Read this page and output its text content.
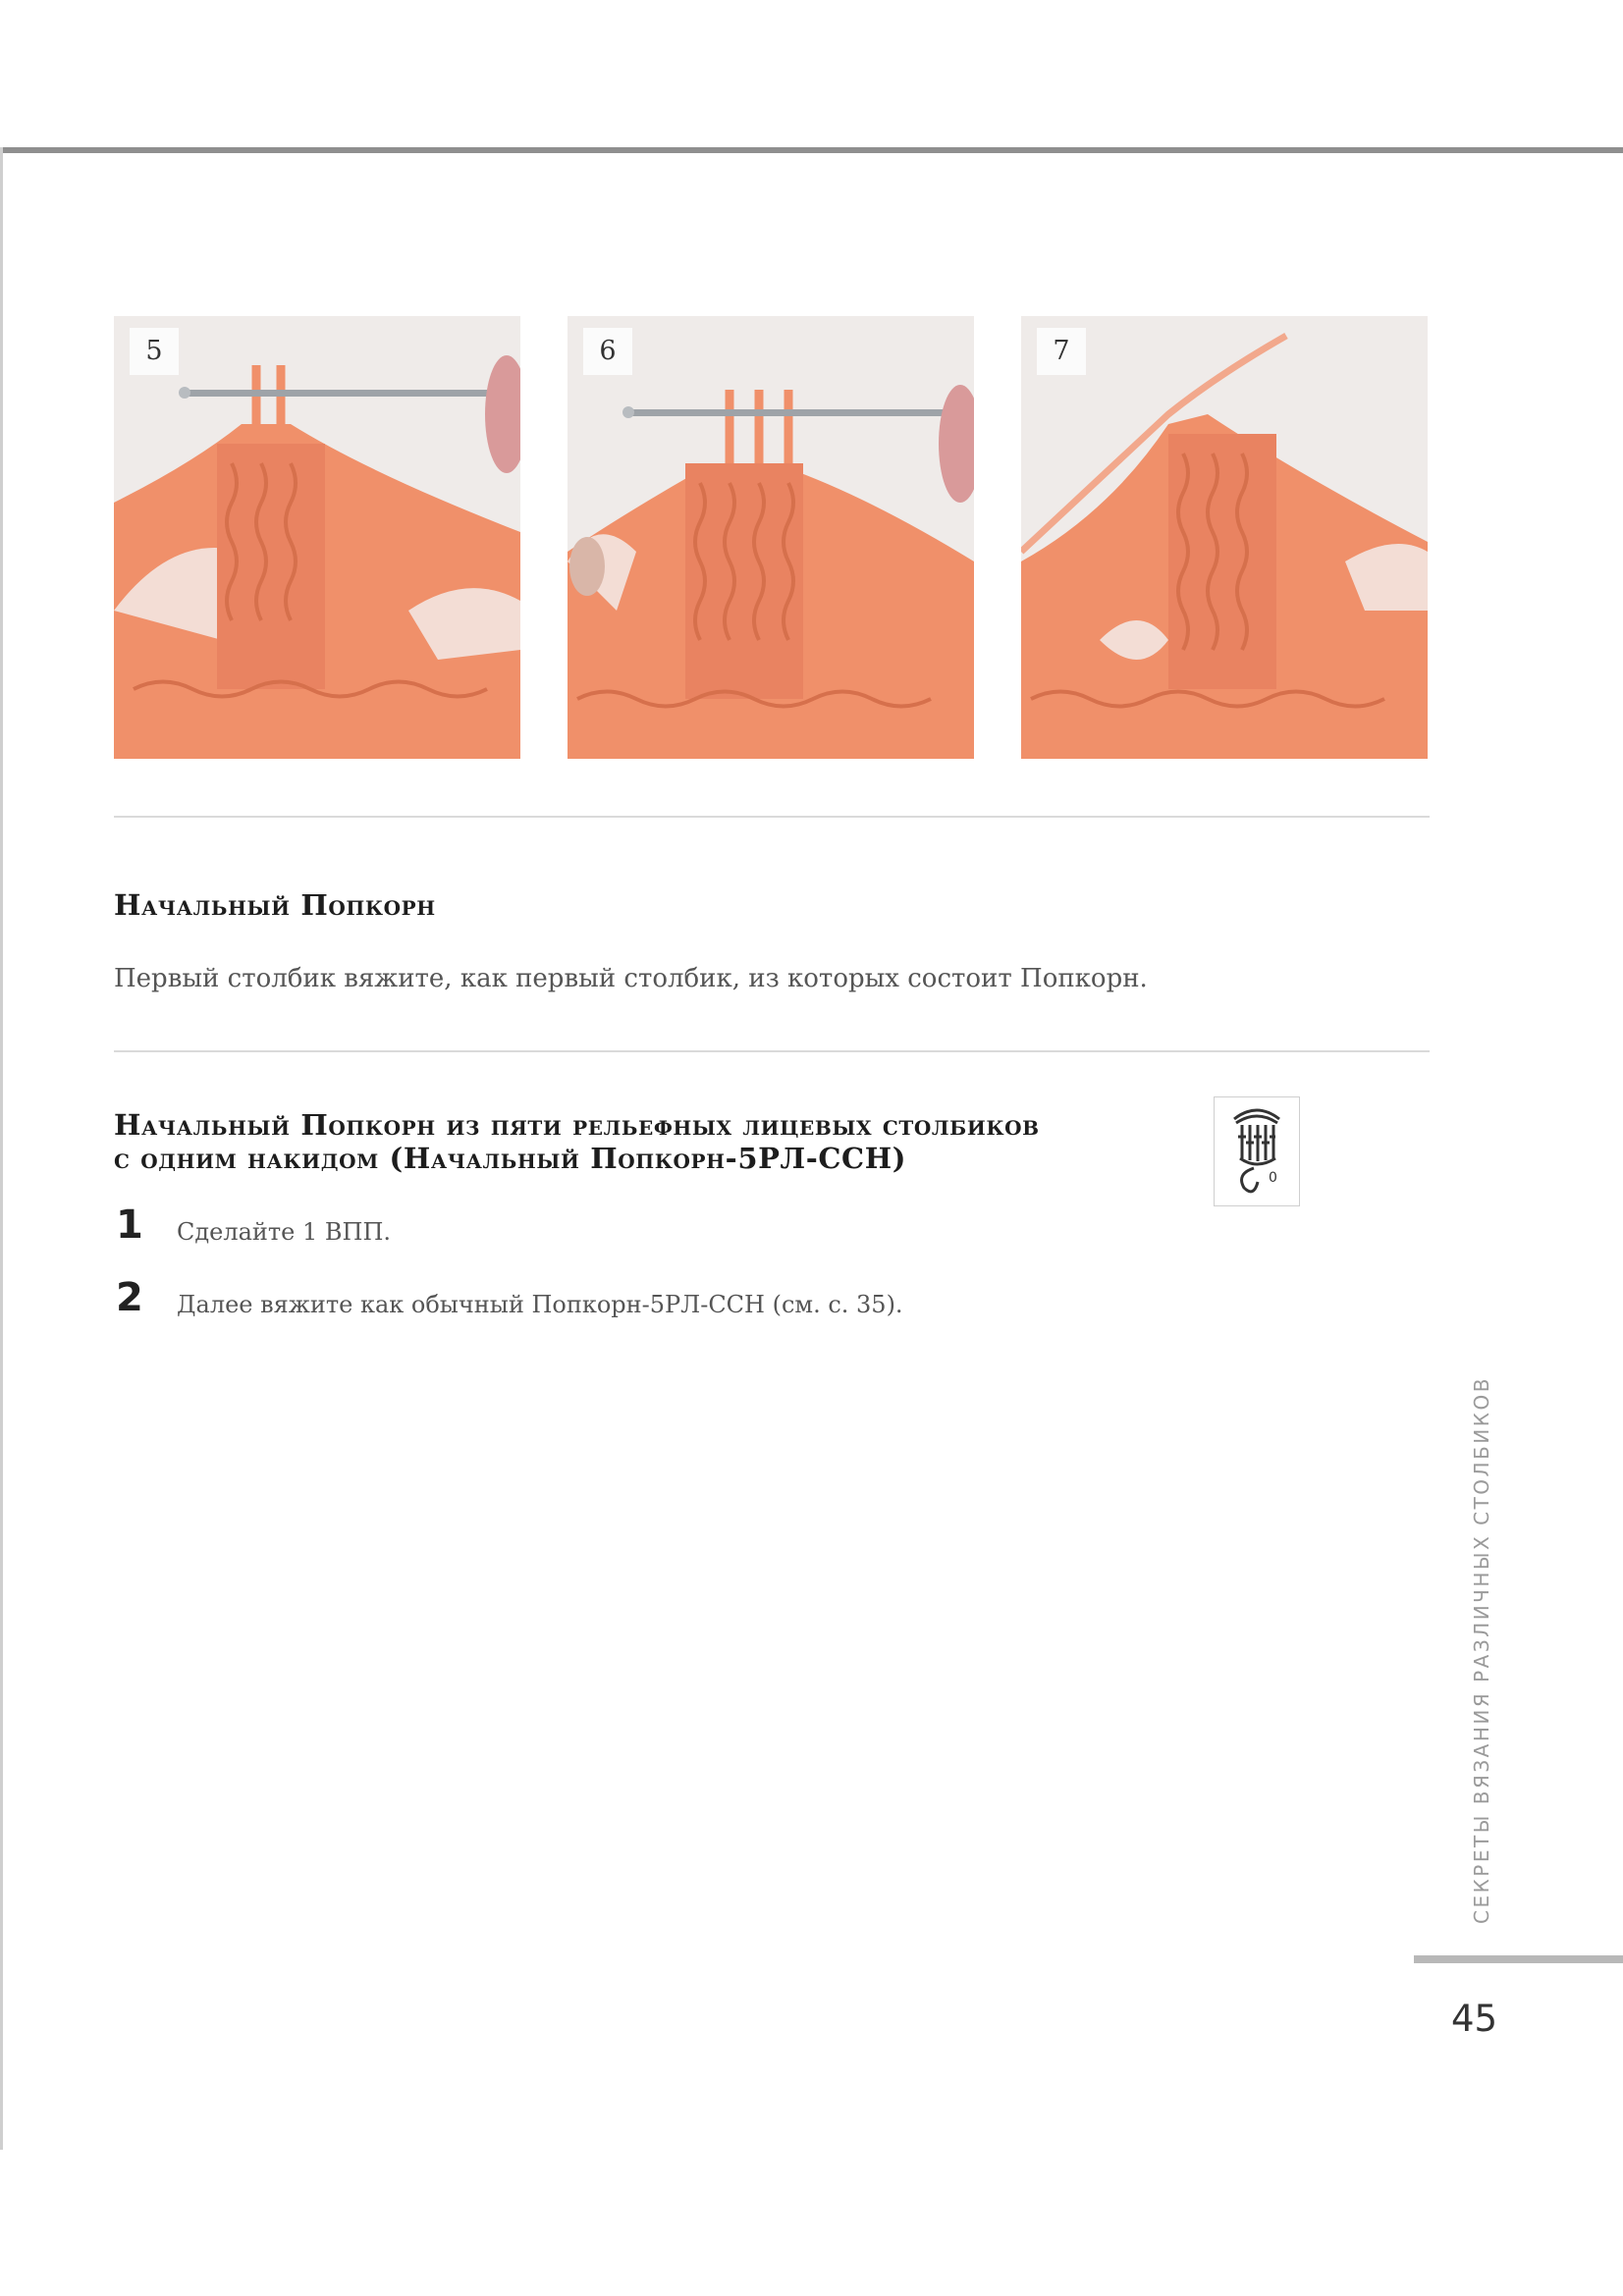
5	6	7
Начальный Попкорн
Первый столбик вяжите, как первый столбик, из которых состоит Попкорн.
Начальный Попкорн из пяти рельефных лицевых столбиков
с одним накидом (Начальный Попкорн-5РЛ-ССН)
0
1 Сделайте 1 ВПП.
2 Далее вяжите как обычный Попкорн-5РЛ-ССН (см. с. 35).
СЕКРЕТЫ ВЯЗАНИЯ РАЗЛИЧНЫХ СТОЛБИКОВ
45
